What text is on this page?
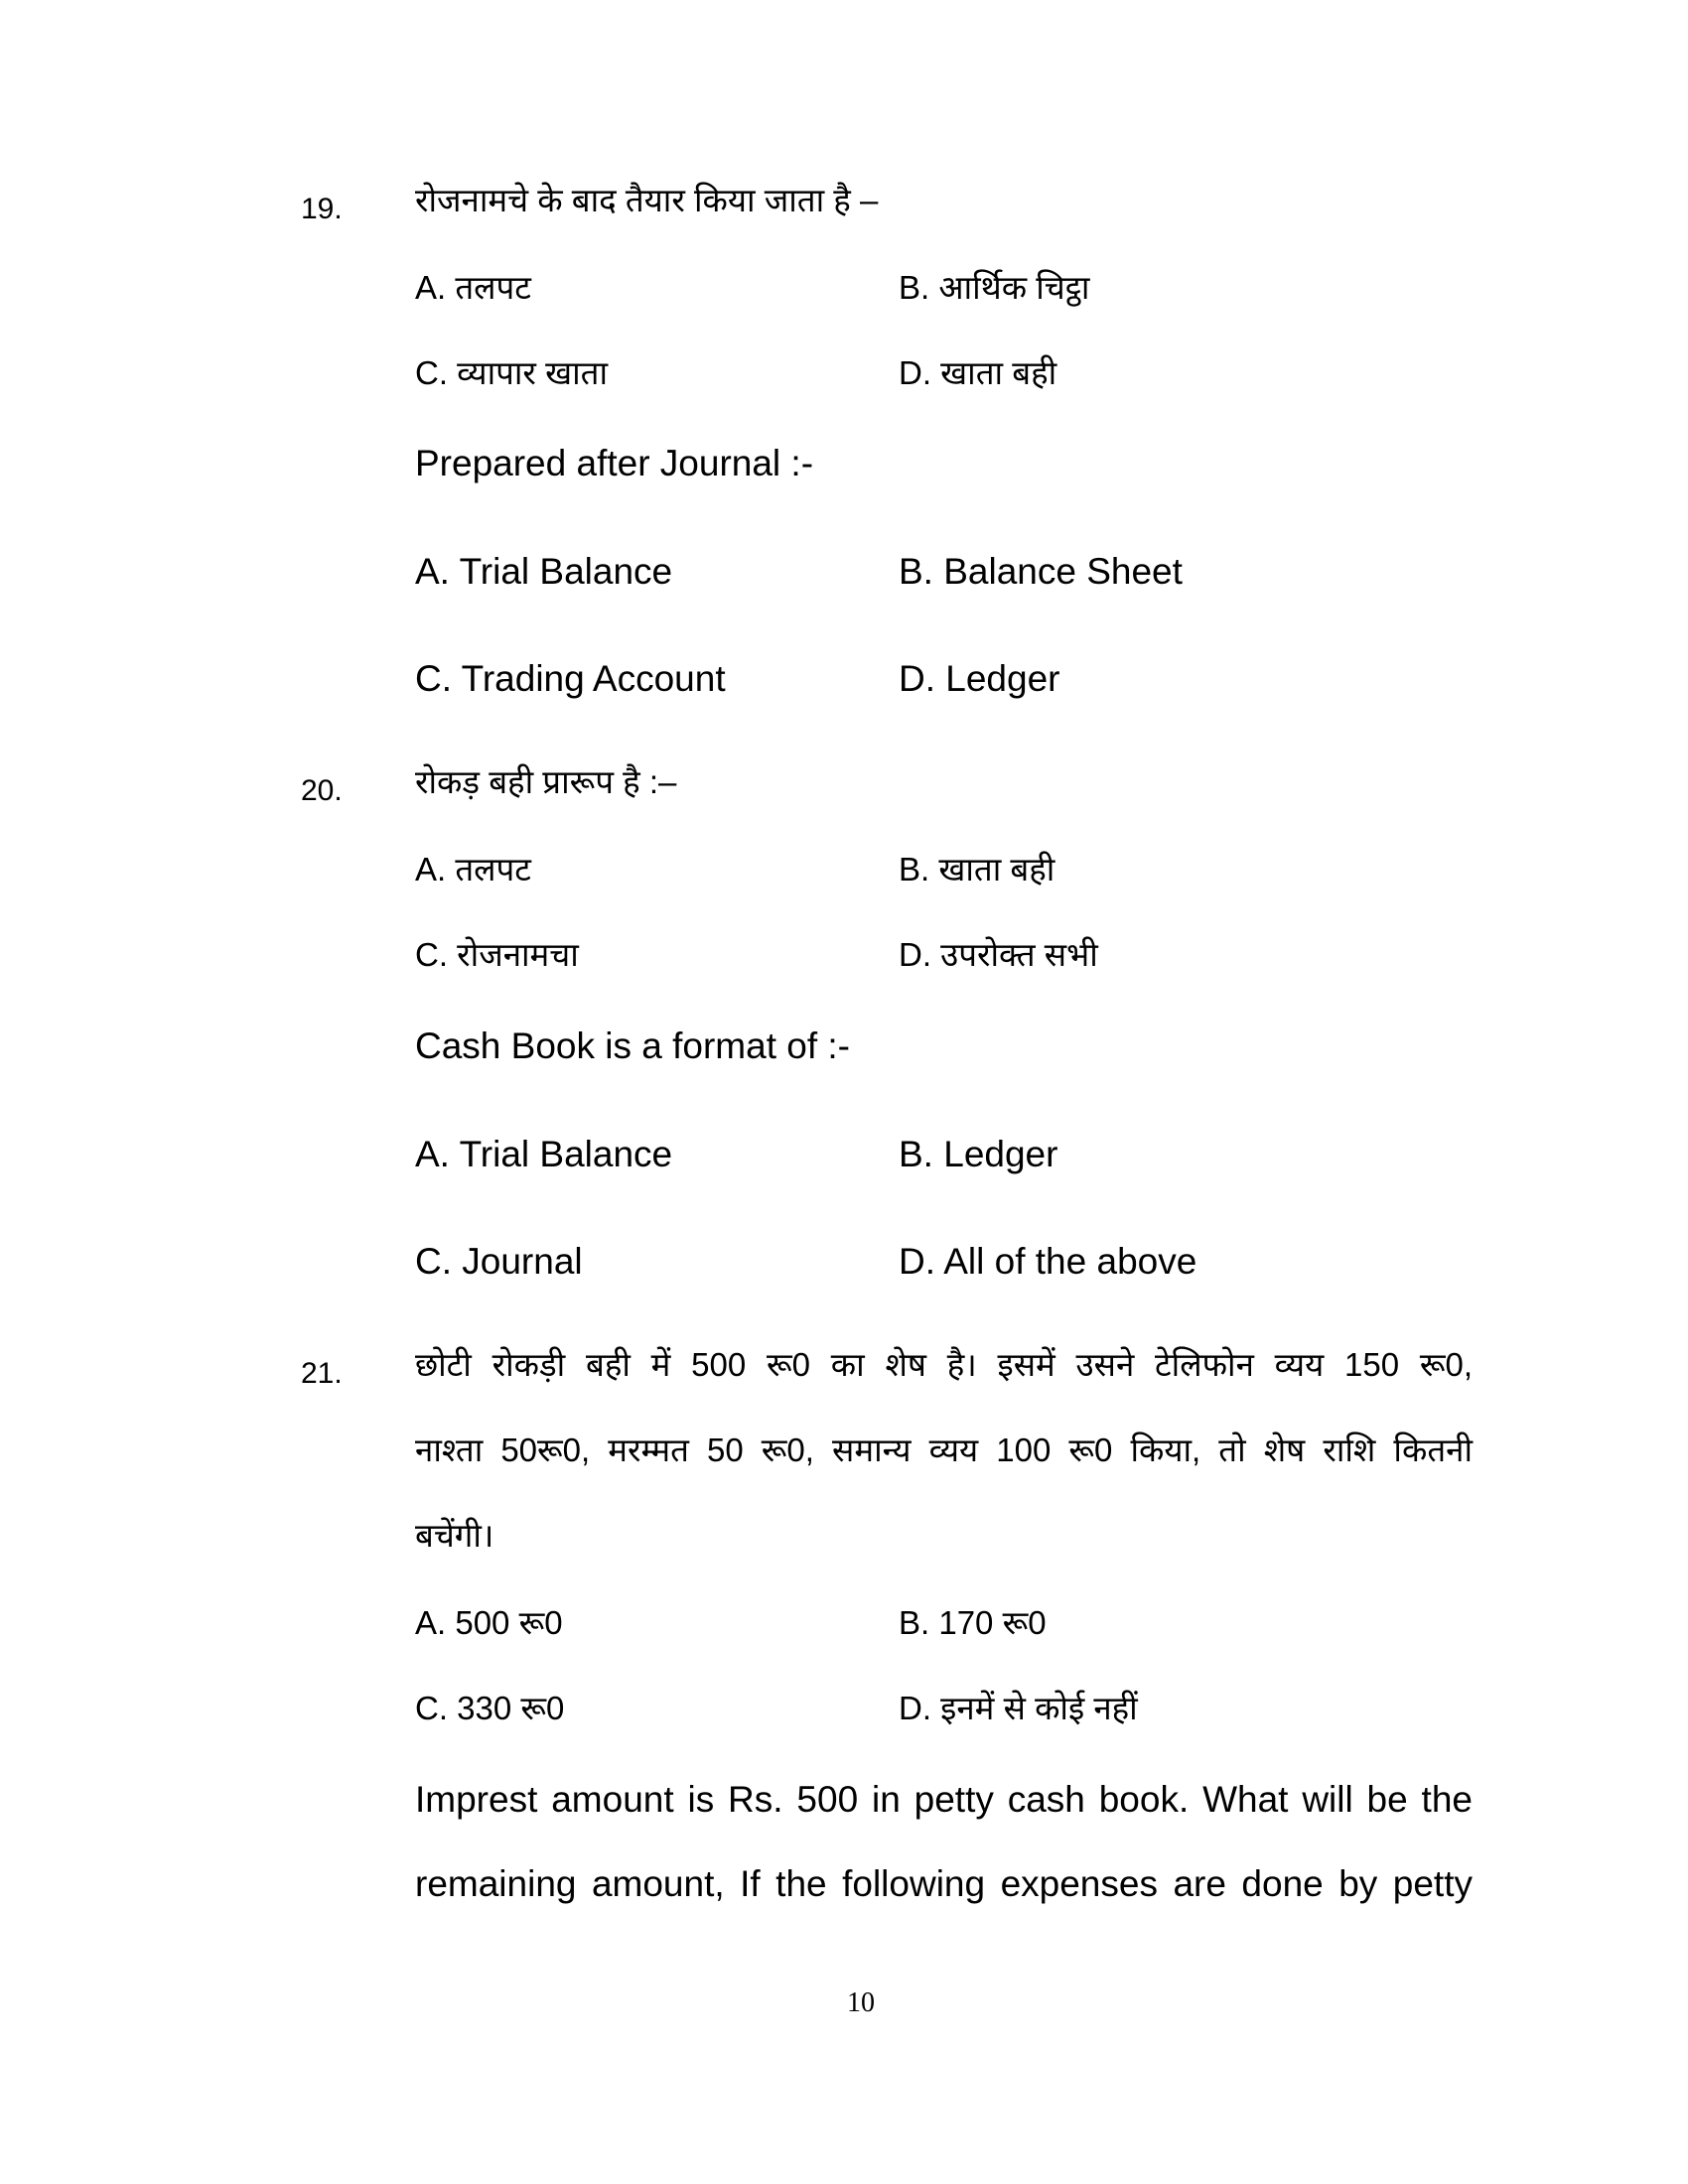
19. रोजनामचे के बाद तैयार किया जाता है –
A. तलपट	B. आर्थिक चिट्ठा
C. व्यापार खाता	D. खाता बही
Prepared after Journal :-
A. Trial Balance	B. Balance Sheet
C. Trading Account	D. Ledger
20. रोकड़ बही प्रारूप है :–
A. तलपट	B. खाता बही
C. रोजनामचा	D. उपरोक्त सभी
Cash Book is a format of :-
A. Trial Balance	B. Ledger
C. Journal	D. All of the above
21. छोटी रोकड़ी बही में 500 रू0 का शेष है। इसमें उसने टेलिफोन व्यय 150 रू0,
नाश्ता 50रू0, मरम्मत 50 रू0, समान्य व्यय 100 रू0 किया, तो शेष राशि कितनी
बचेंगी।
A. 500 रू0	B. 170 रू0
C. 330 रू0	D. इनमें से कोई नहीं
Imprest amount is Rs. 500 in petty cash book. What will be the
remaining amount, If the following expenses are done by petty
10
